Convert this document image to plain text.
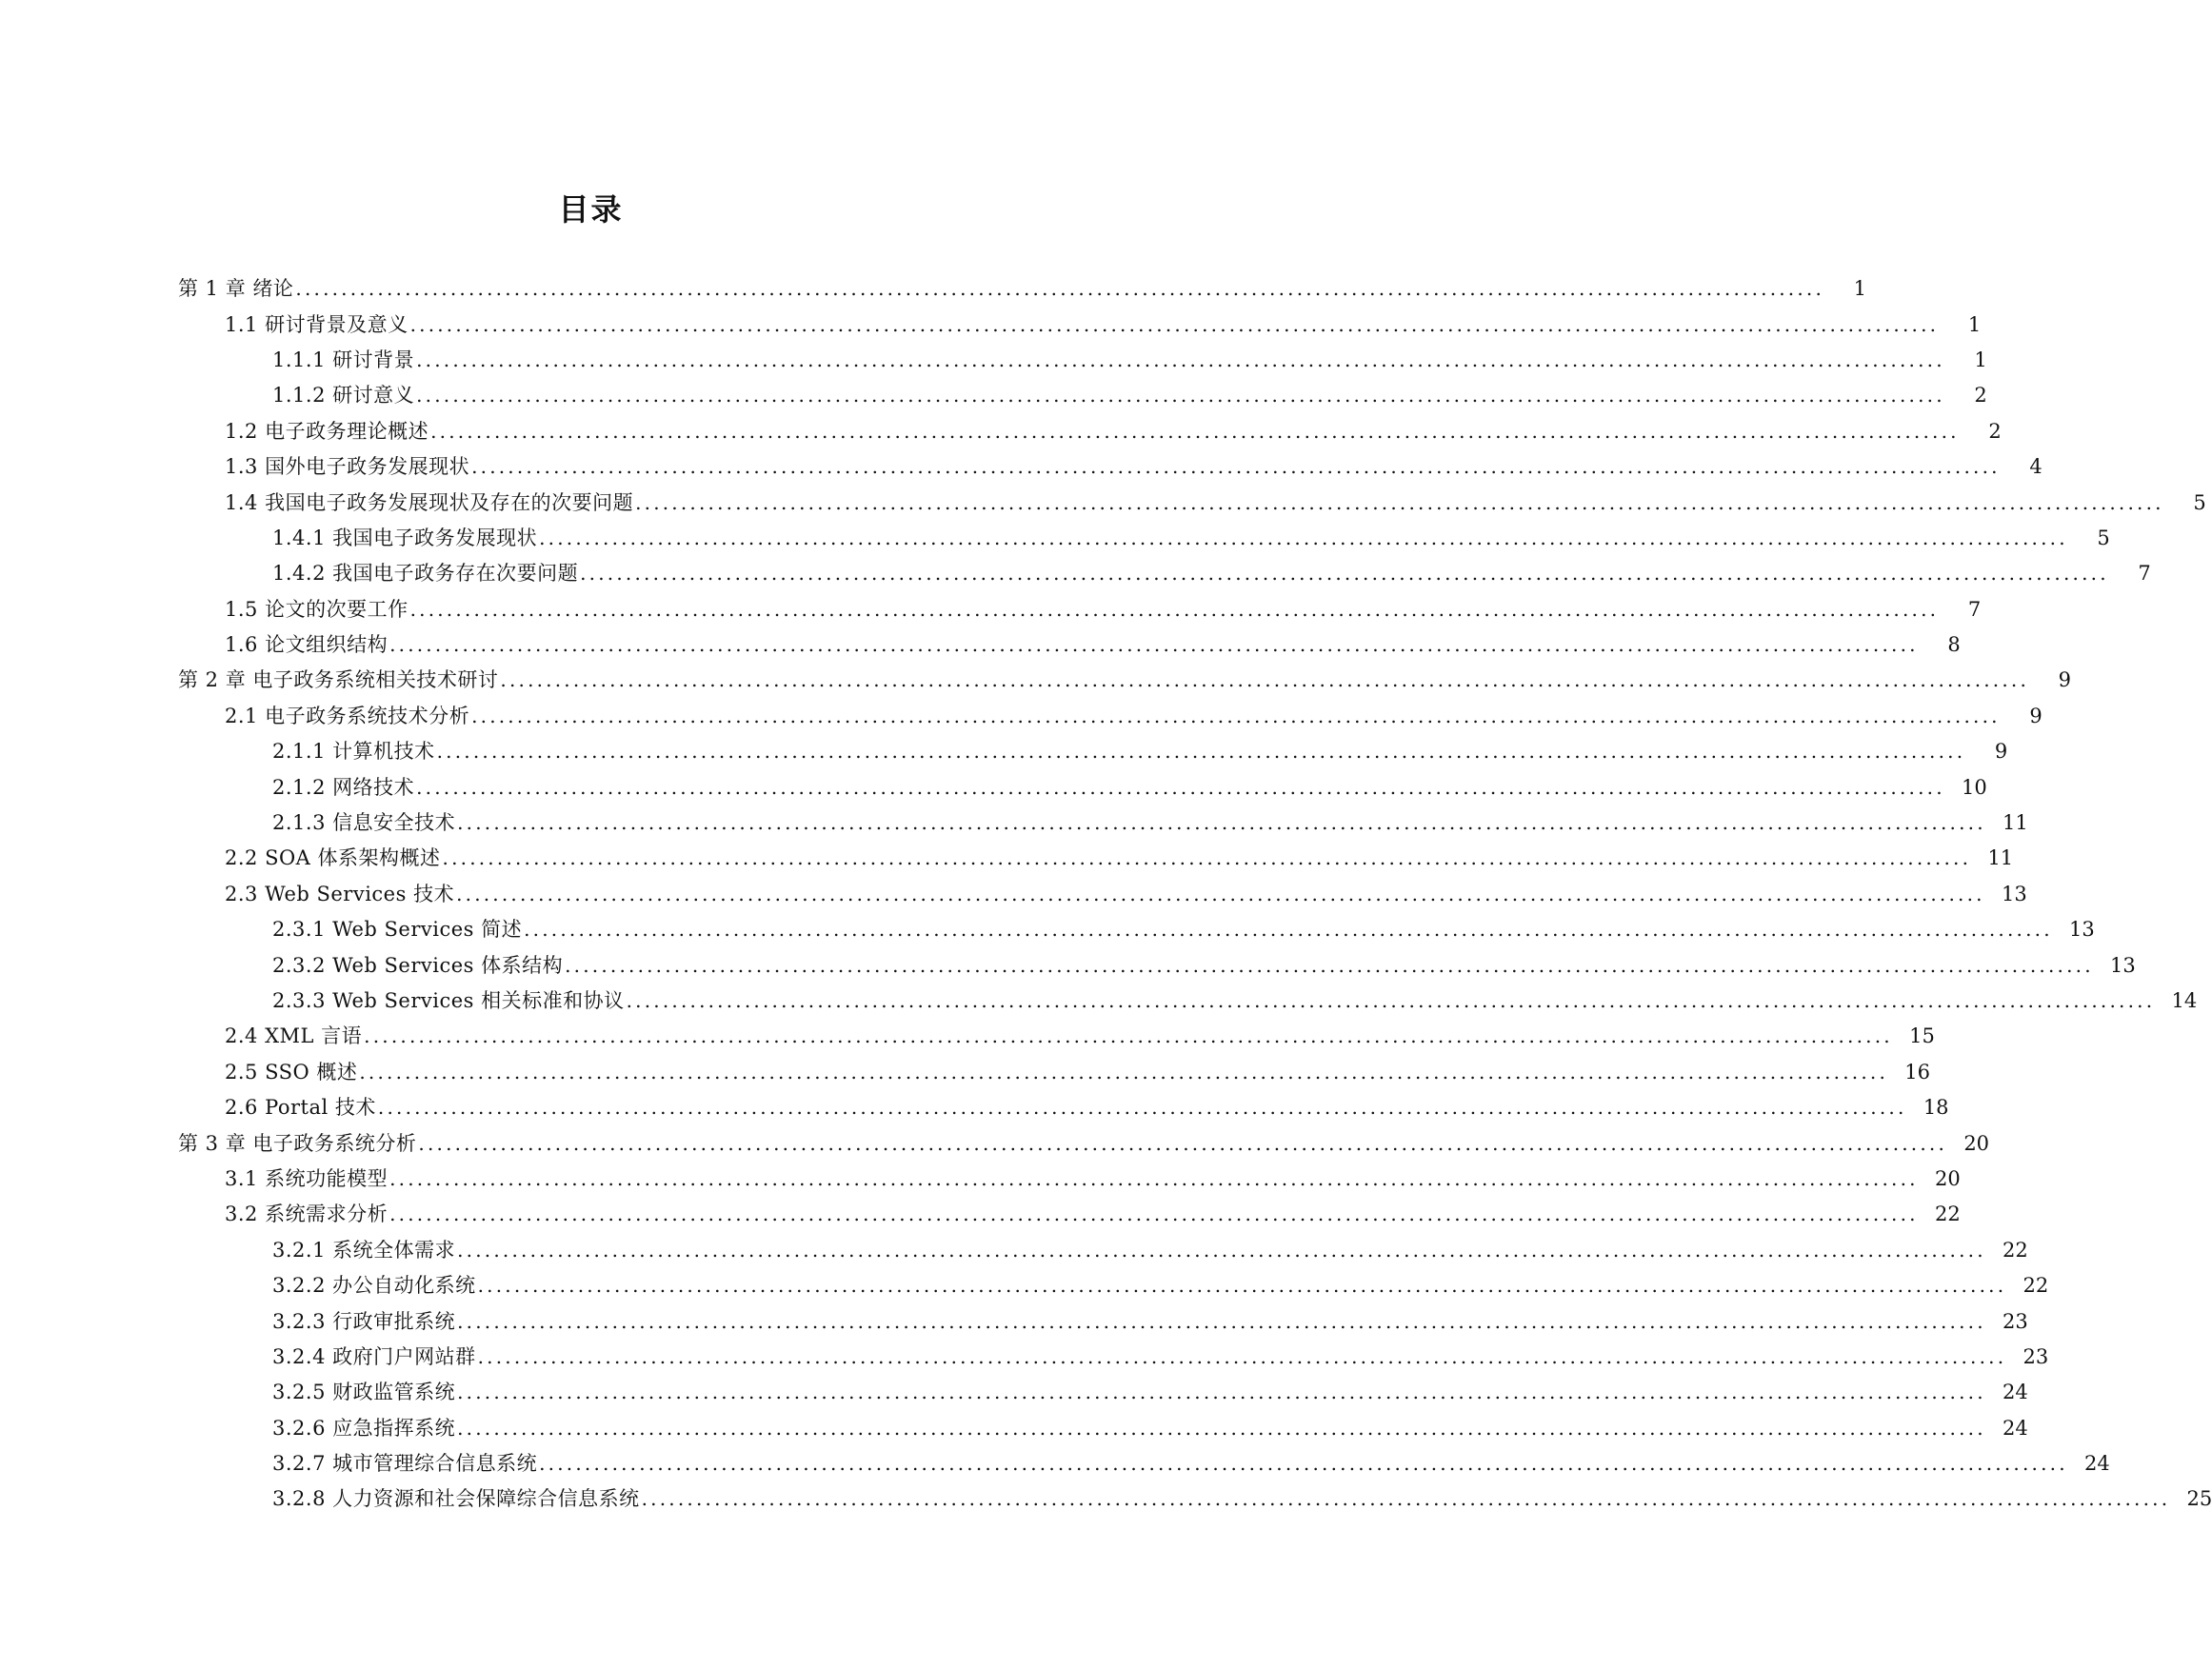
目录
第 1 章 绪论 ........................................................................................................................................................................	1
1.1 研讨背景及意义 ........................................................................................................................................................................	1
1.1.1 研讨背景 ........................................................................................................................................................................	1
1.1.2 研讨意义 ........................................................................................................................................................................	2
1.2 电子政务理论概述 ........................................................................................................................................................................	2
1.3 国外电子政务发展现状 ........................................................................................................................................................................	4
1.4 我国电子政务发展现状及存在的次要问题 ........................................................................................................................................................................	5
1.4.1 我国电子政务发展现状 ........................................................................................................................................................................	5
1.4.2 我国电子政务存在次要问题 ........................................................................................................................................................................	7
1.5 论文的次要工作 ........................................................................................................................................................................	7
1.6 论文组织结构 ........................................................................................................................................................................	8
第 2 章 电子政务系统相关技术研讨 ........................................................................................................................................................................	9
2.1 电子政务系统技术分析 ........................................................................................................................................................................	9
2.1.1 计算机技术 ........................................................................................................................................................................	9
2.1.2 网络技术 ........................................................................................................................................................................ 10
2.1.3 信息安全技术 ........................................................................................................................................................................ 11
2.2 SOA 体系架构概述 ........................................................................................................................................................................ 11
2.3 Web Services 技术 ........................................................................................................................................................................ 13
2.3.1 Web Services 简述 ........................................................................................................................................................................ 13
2.3.2 Web Services 体系结构 ........................................................................................................................................................................ 13
2.3.3 Web Services 相关标准和协议 ........................................................................................................................................................................ 14
2.4 XML 言语 ........................................................................................................................................................................ 15
2.5 SSO 概述 ........................................................................................................................................................................ 16
2.6 Portal 技术 ........................................................................................................................................................................ 18
第 3 章 电子政务系统分析 ........................................................................................................................................................................ 20
3.1 系统功能模型 ........................................................................................................................................................................ 20
3.2 系统需求分析 ........................................................................................................................................................................ 22
3.2.1 系统全体需求 ........................................................................................................................................................................ 22
3.2.2 办公自动化系统 ........................................................................................................................................................................ 22
3.2.3 行政审批系统 ........................................................................................................................................................................ 23
3.2.4 政府门户网站群 ........................................................................................................................................................................ 23
3.2.5 财政监管系统 ........................................................................................................................................................................ 24
3.2.6 应急指挥系统 ........................................................................................................................................................................ 24
3.2.7 城市管理综合信息系统 ........................................................................................................................................................................ 24
3.2.8 人力资源和社会保障综合信息系统 ........................................................................................................................................................................ 25
